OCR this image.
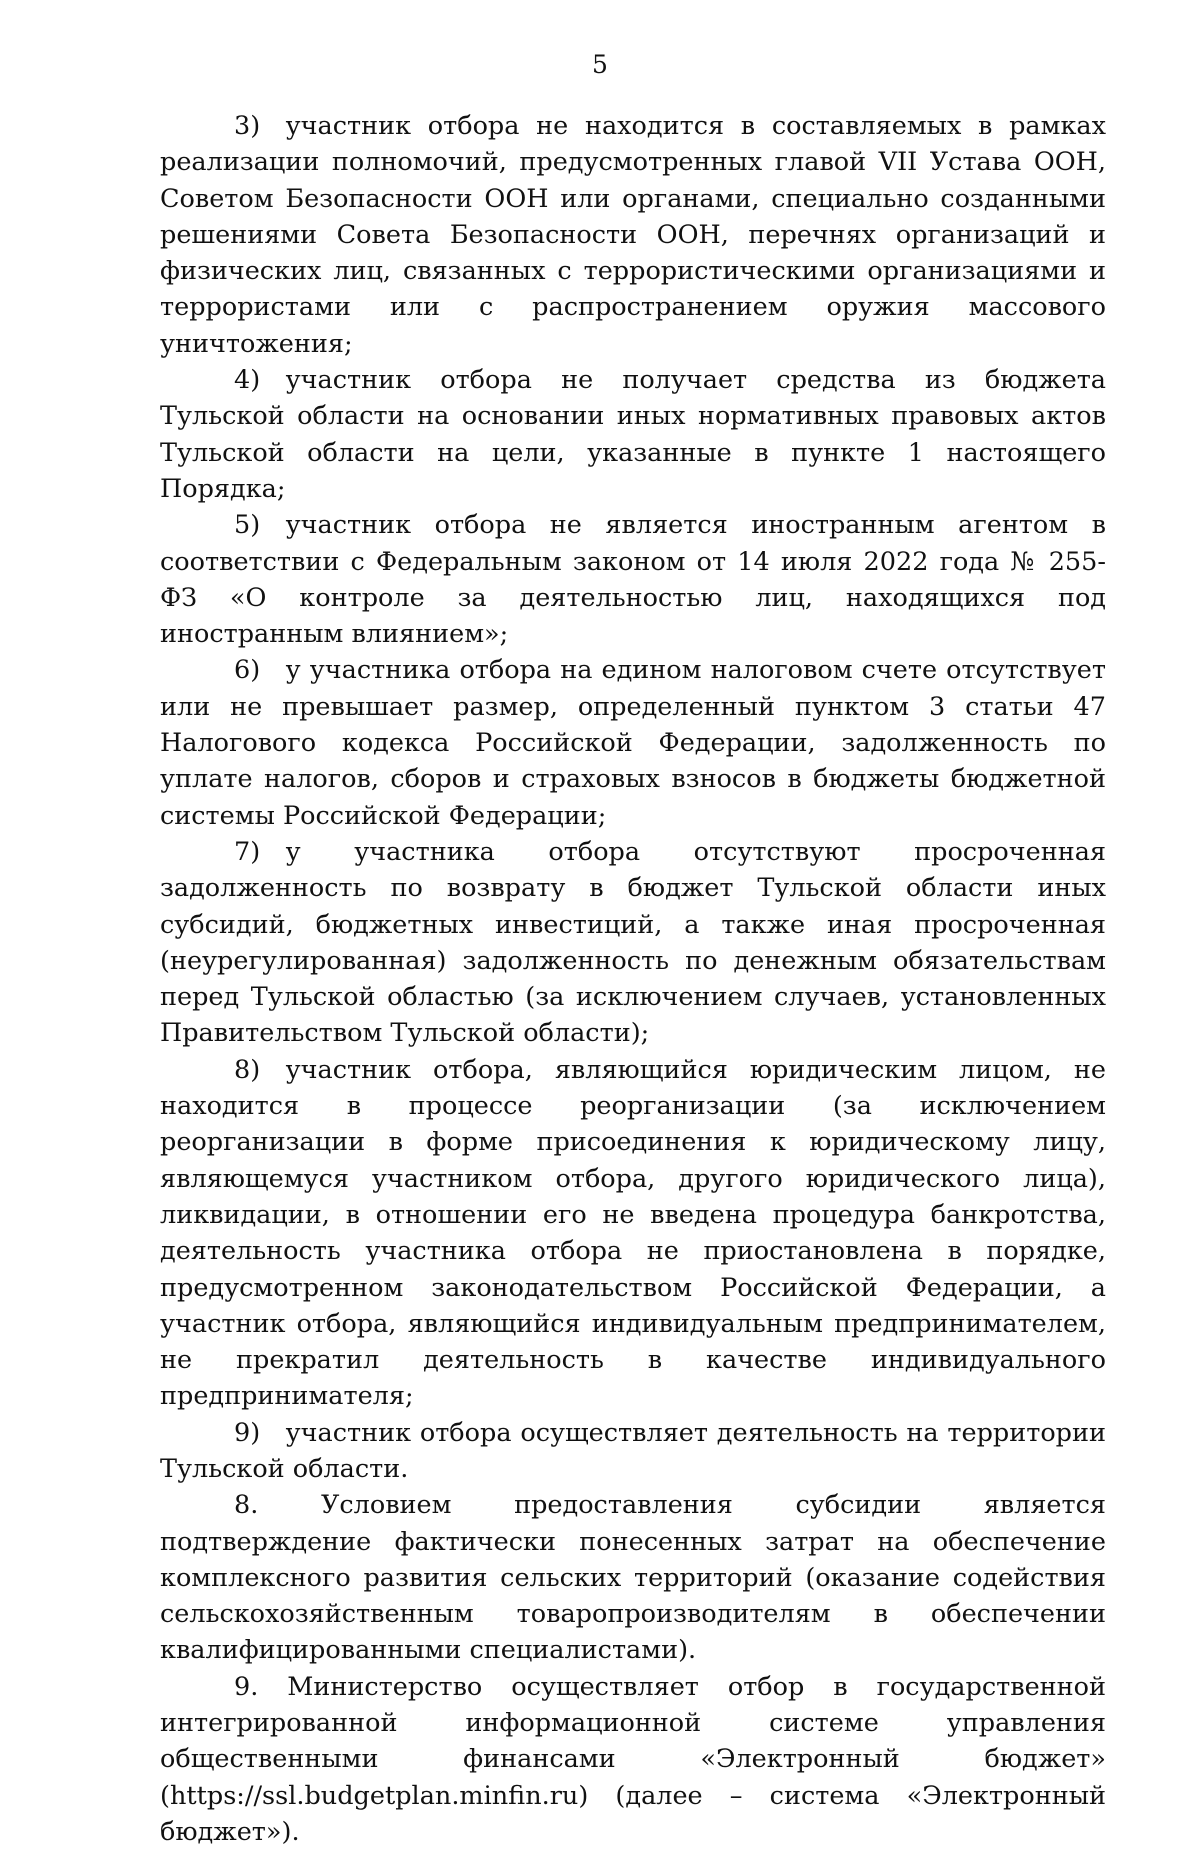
5

3) участник отбора не находится в составляемых в рамках реализации полномочий, предусмотренных главой VII Устава ООН, Советом Безопасности ООН или органами, специально созданными решениями Совета Безопасности ООН, перечнях организаций и физических лиц, связанных с террористическими организациями и террористами или с распространением оружия массового уничтожения;

4) участник отбора не получает средства из бюджета Тульской области на основании иных нормативных правовых актов Тульской области на цели, указанные в пункте 1 настоящего Порядка;

5) участник отбора не является иностранным агентом в соответствии с Федеральным законом от 14 июля 2022 года № 255-ФЗ «О контроле за деятельностью лиц, находящихся под иностранным влиянием»;

6) у участника отбора на едином налоговом счете отсутствует или не превышает размер, определенный пунктом 3 статьи 47 Налогового кодекса Российской Федерации, задолженность по уплате налогов, сборов и страховых взносов в бюджеты бюджетной системы Российской Федерации;

7) у участника отбора отсутствуют просроченная задолженность по возврату в бюджет Тульской области иных субсидий, бюджетных инвестиций, а также иная просроченная (неурегулированная) задолженность по денежным обязательствам перед Тульской областью (за исключением случаев, установленных Правительством Тульской области);

8) участник отбора, являющийся юридическим лицом, не находится в процессе реорганизации (за исключением реорганизации в форме присоединения к юридическому лицу, являющемуся участником отбора, другого юридического лица), ликвидации, в отношении его не введена процедура банкротства, деятельность участника отбора не приостановлена в порядке, предусмотренном законодательством Российской Федерации, а участник отбора, являющийся индивидуальным предпринимателем, не прекратил деятельность в качестве индивидуального предпринимателя;

9) участник отбора осуществляет деятельность на территории Тульской области.

8. Условием предоставления субсидии является подтверждение фактически понесенных затрат на обеспечение комплексного развития сельских территорий (оказание содействия сельскохозяйственным товаропроизводителям в обеспечении квалифицированными специалистами).

9. Министерство осуществляет отбор в государственной интегрированной информационной системе управления общественными финансами «Электронный бюджет» (https://ssl.budgetplan.minfin.ru) (далее – система «Электронный бюджет»).
